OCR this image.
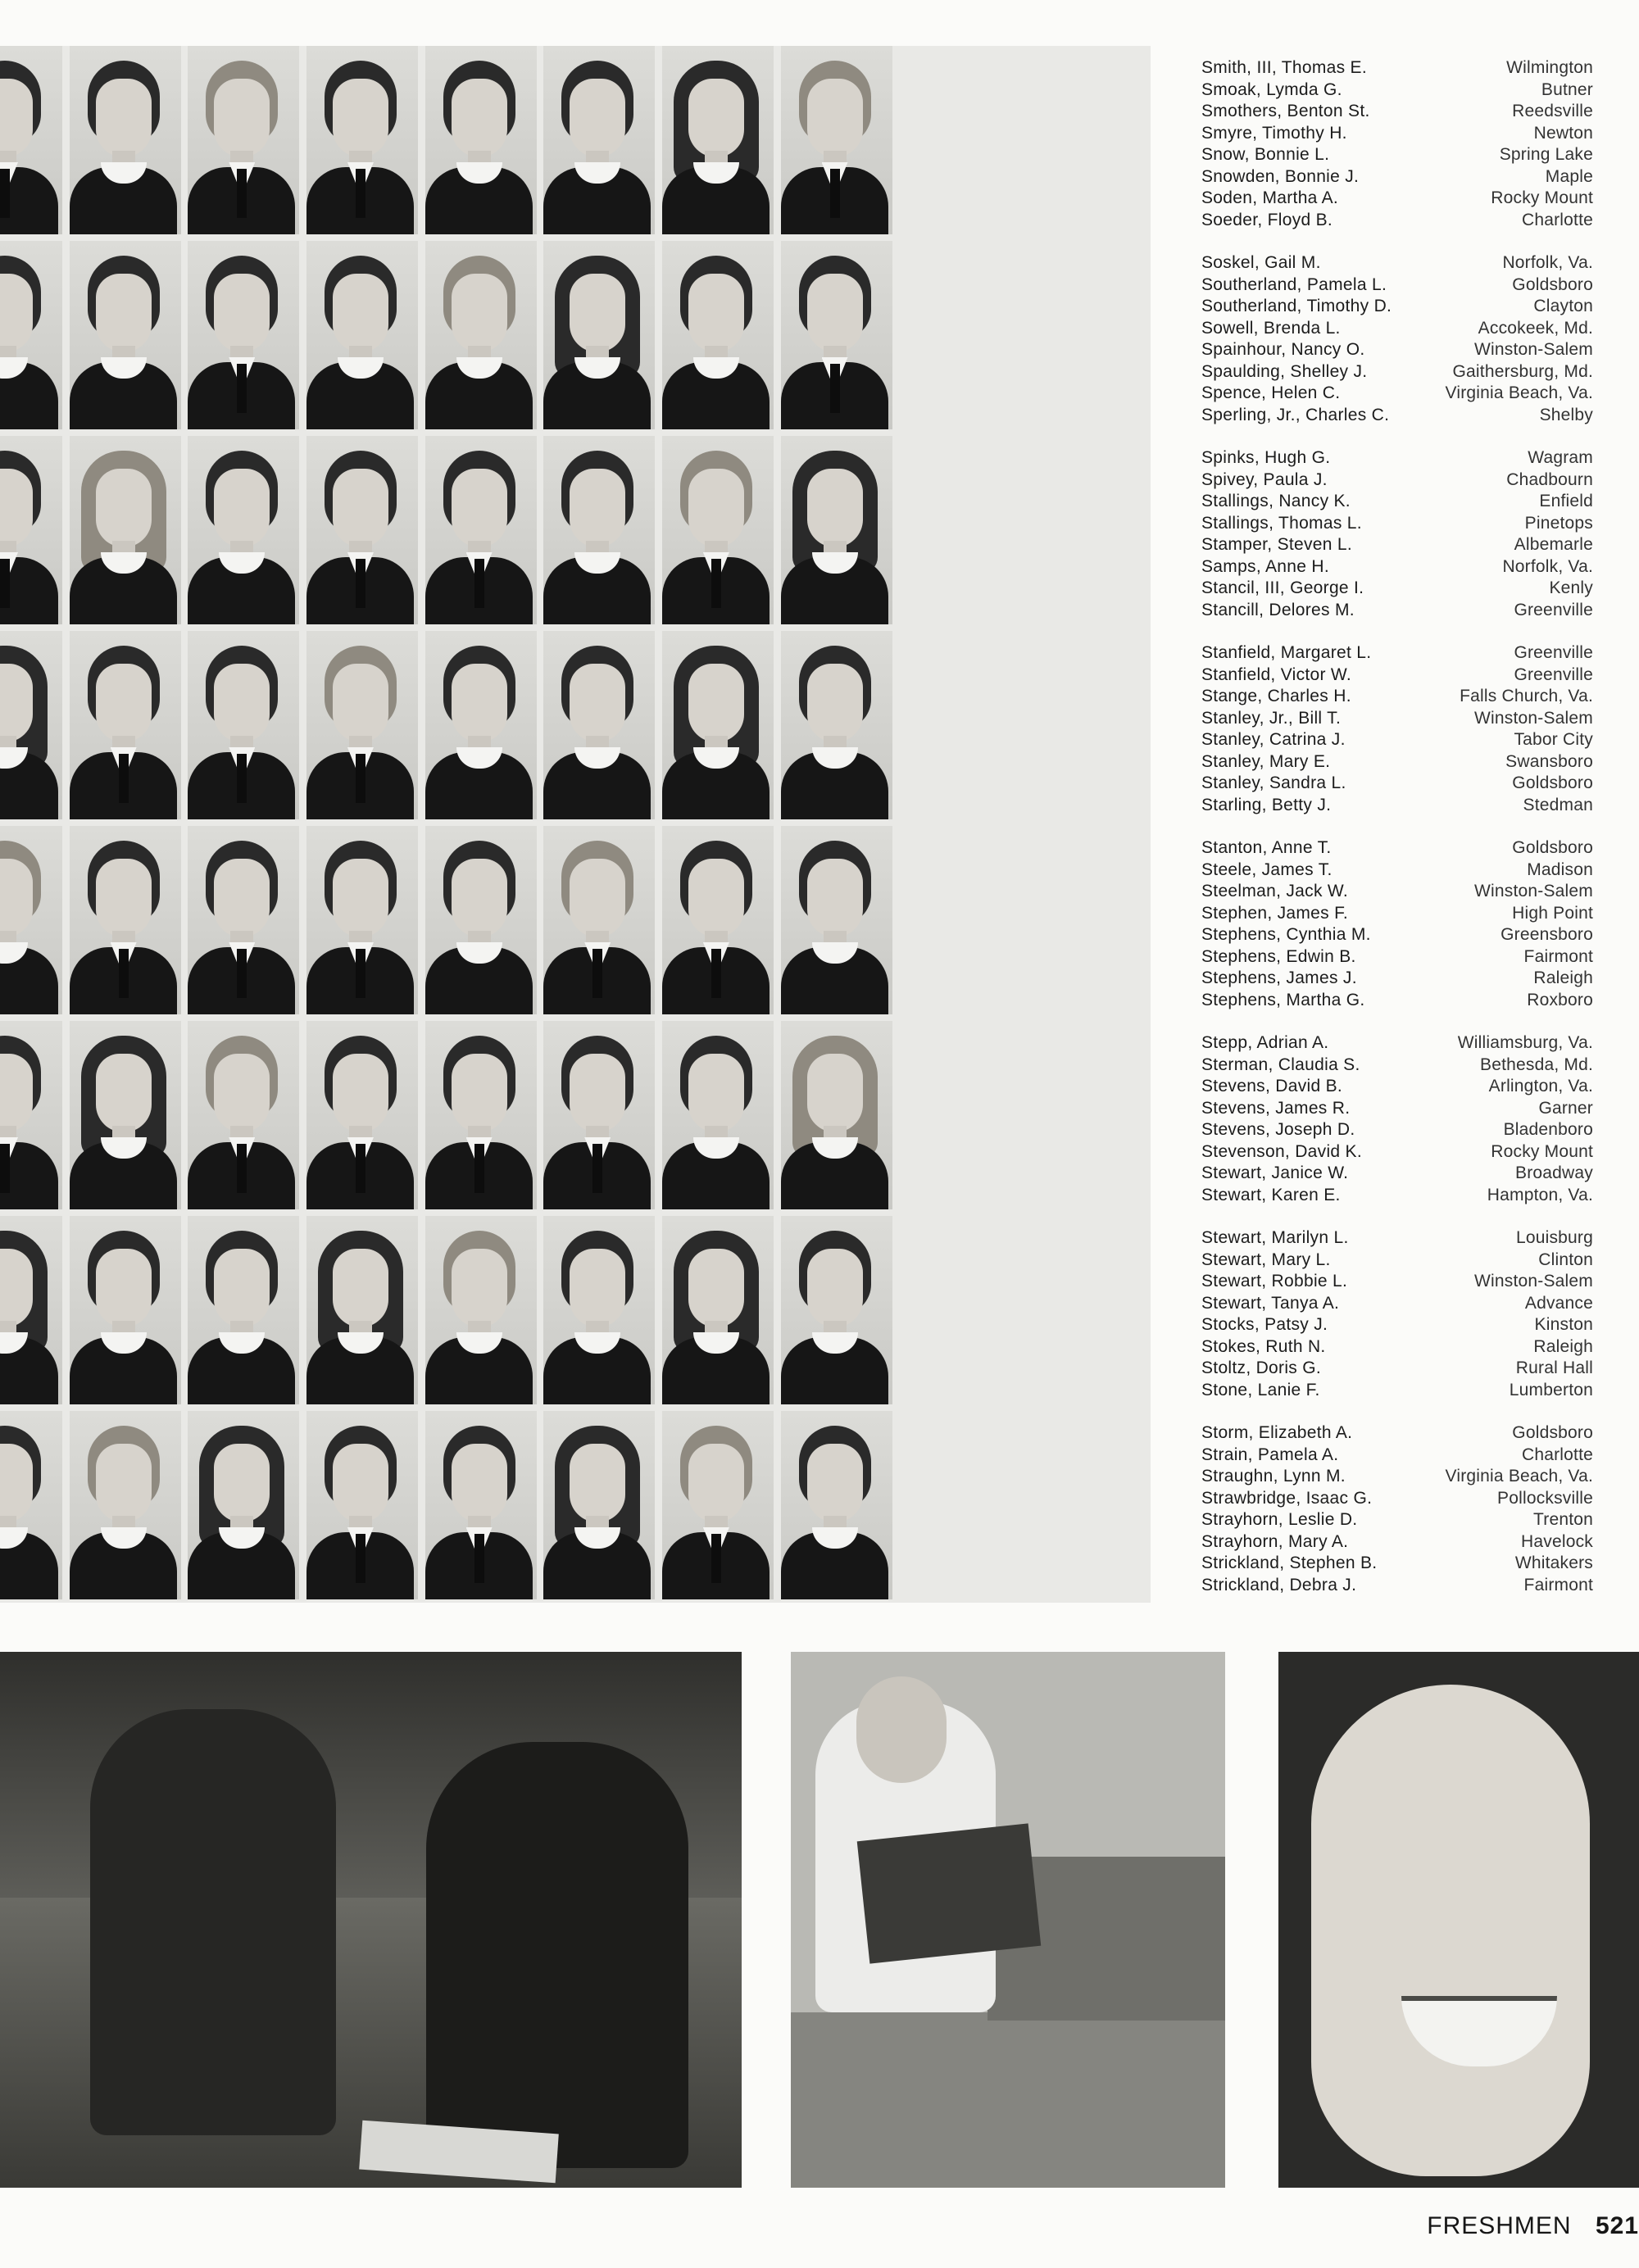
Smith, III, Thomas E.	Wilmington
Smoak, Lymda G.	Butner
Smothers, Benton St.	Reedsville
Smyre, Timothy H.	Newton
Snow, Bonnie L.	Spring Lake
Snowden, Bonnie J.	Maple
Soden, Martha A.	Rocky Mount
Soeder, Floyd B.	Charlotte
Soskel, Gail M.	Norfolk, Va.
Southerland, Pamela L.	Goldsboro
Southerland, Timothy D.	Clayton
Sowell, Brenda L.	Accokeek, Md.
Spainhour, Nancy O.	Winston-Salem
Spaulding, Shelley J.	Gaithersburg, Md.
Spence, Helen C.	Virginia Beach, Va.
Sperling, Jr., Charles C.	Shelby
Spinks, Hugh G.	Wagram
Spivey, Paula J.	Chadbourn
Stallings, Nancy K.	Enfield
Stallings, Thomas L.	Pinetops
Stamper, Steven L.	Albemarle
Samps, Anne H.	Norfolk, Va.
Stancil, III, George I.	Kenly
Stancill, Delores M.	Greenville
Stanfield, Margaret L.	Greenville
Stanfield, Victor W.	Greenville
Stange, Charles H.	Falls Church, Va.
Stanley, Jr., Bill T.	Winston-Salem
Stanley, Catrina J.	Tabor City
Stanley, Mary E.	Swansboro
Stanley, Sandra L.	Goldsboro
Starling, Betty J.	Stedman
Stanton, Anne T.	Goldsboro
Steele, James T.	Madison
Steelman, Jack W.	Winston-Salem
Stephen, James F.	High Point
Stephens, Cynthia M.	Greensboro
Stephens, Edwin B.	Fairmont
Stephens, James J.	Raleigh
Stephens, Martha G.	Roxboro
Stepp, Adrian A.	Williamsburg, Va.
Sterman, Claudia S.	Bethesda, Md.
Stevens, David B.	Arlington, Va.
Stevens, James R.	Garner
Stevens, Joseph D.	Bladenboro
Stevenson, David K.	Rocky Mount
Stewart, Janice W.	Broadway
Stewart, Karen E.	Hampton, Va.
Stewart, Marilyn L.	Louisburg
Stewart, Mary L.	Clinton
Stewart, Robbie L.	Winston-Salem
Stewart, Tanya A.	Advance
Stocks, Patsy J.	Kinston
Stokes, Ruth N.	Raleigh
Stoltz, Doris G.	Rural Hall
Stone, Lanie F.	Lumberton
Storm, Elizabeth A.	Goldsboro
Strain, Pamela A.	Charlotte
Straughn, Lynn M.	Virginia Beach, Va.
Strawbridge, Isaac G.	Pollocksville
Strayhorn, Leslie D.	Trenton
Strayhorn, Mary A.	Havelock
Strickland, Stephen B.	Whitakers
Strickland, Debra J.	Fairmont
FRESHMEN 521
